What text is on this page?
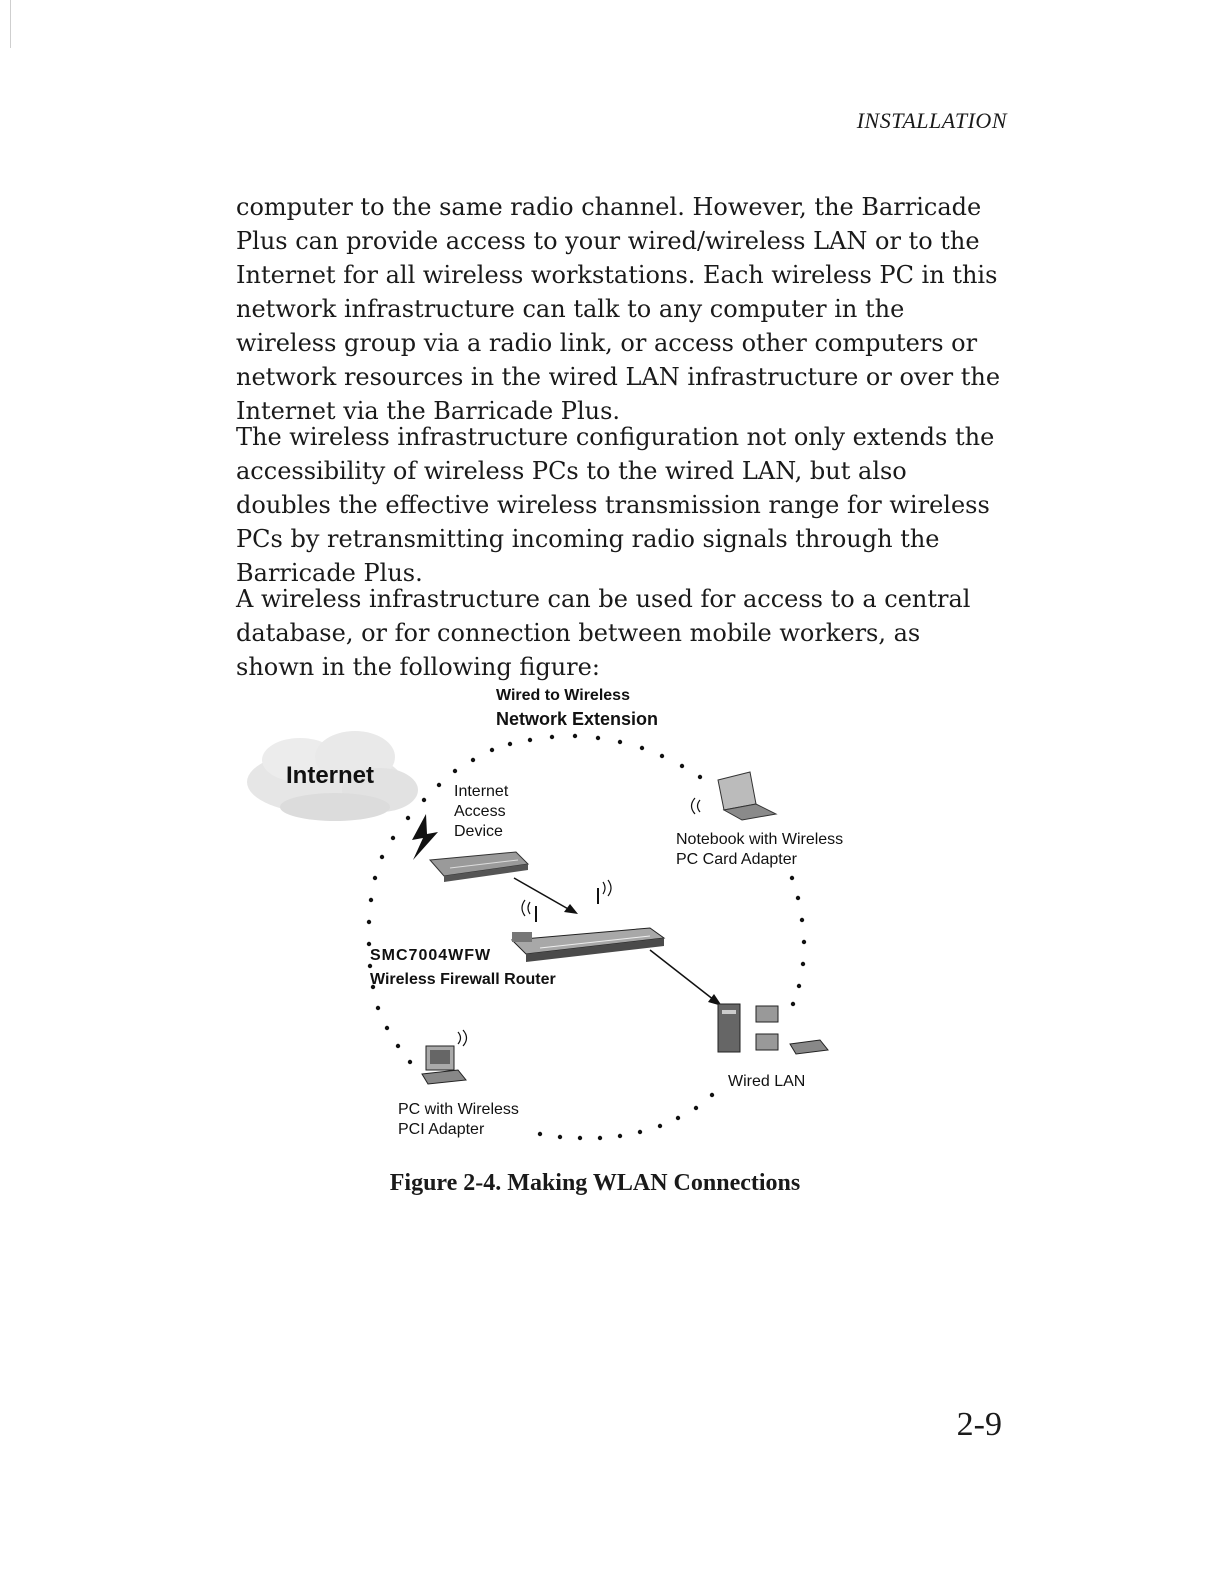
INSTALLATION

computer to the same radio channel. However, the Barricade Plus can provide access to your wired/wireless LAN or to the Internet for all wireless workstations. Each wireless PC in this network infrastructure can talk to any computer in the wireless group via a radio link, or access other computers or network resources in the wired LAN infrastructure or over the Internet via the Barricade Plus.

The wireless infrastructure configuration not only extends the accessibility of wireless PCs to the wired LAN, but also doubles the effective wireless transmission range for wireless PCs by retransmitting incoming radio signals through the Barricade Plus.

A wireless infrastructure can be used for access to a central database, or for connection between mobile workers, as shown in the following figure:

Wired to Wireless
Network Extension
Internet
Internet
Access
Device	Notebook with Wireless
PC Card Adapter
SMC7004WFW
Wireless Firewall Router
Wired LAN
PC with Wireless
PCI Adapter
Figure 2-4. Making WLAN Connections
2-9
